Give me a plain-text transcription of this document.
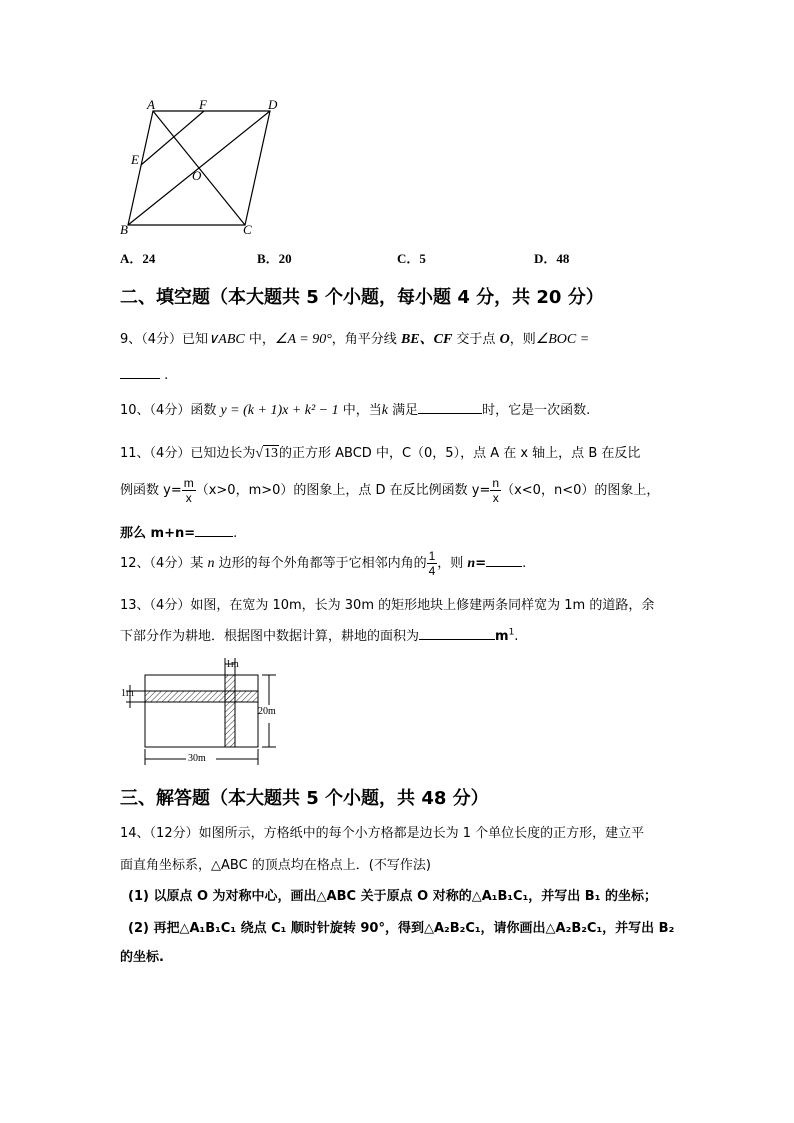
A	F	D
E
O
B	C
A．24	B．20	C．5	D．48
二、填空题（本大题共 5 个小题，每小题 4 分，共 20 分）
9、（4分）已知∨ABC 中，∠A = 90°，角平分线 BE、CF 交于点 O，则∠BOC =
.
10、（4分）函数 y = (k + 1)x + k² − 1 中，当k 满足	时，它是一次函数.
11、（4分）已知边长为√13的正方形 ABCD 中，C（0，5），点 A 在 x 轴上，点 B 在反比
例函数 $y= \frac{m}{x} (x>0$，m>0）的图象上，点 D 在反比例函数 $y= \frac{n}{x} (x<0$，n<0）的图象上，
那么 m+n=	.
12、（4分）某 n 边形的每个外角都等于它相邻内角的 $\frac{1}{4}$ ，则 n=	.
13、（4分）如图，在宽为 10m，长为 30m 的矩形地块上修建两条同样宽为 1m 的道路，余
下部分作为耕地．根据图中数据计算，耕地的面积为	$m^1$.
1m
1m
20m
30m
三、解答题（本大题共 5 个小题，共 48 分）
14、（12分）如图所示，方格纸中的每个小方格都是边长为 1 个单位长度的正方形，建立平
面直角坐标系，△ABC 的顶点均在格点上．(不写作法)
(1) 以原点 O 为对称中心，画出△ABC 关于原点 O 对称的△A₁B₁C₁，并写出 B₁ 的坐标；
(2) 再把△A₁B₁C₁ 绕点 C₁ 顺时针旋转 90°，得到△A₂B₂C₁，请你画出△A₂B₂C₁，并写出 B₂
的坐标.
